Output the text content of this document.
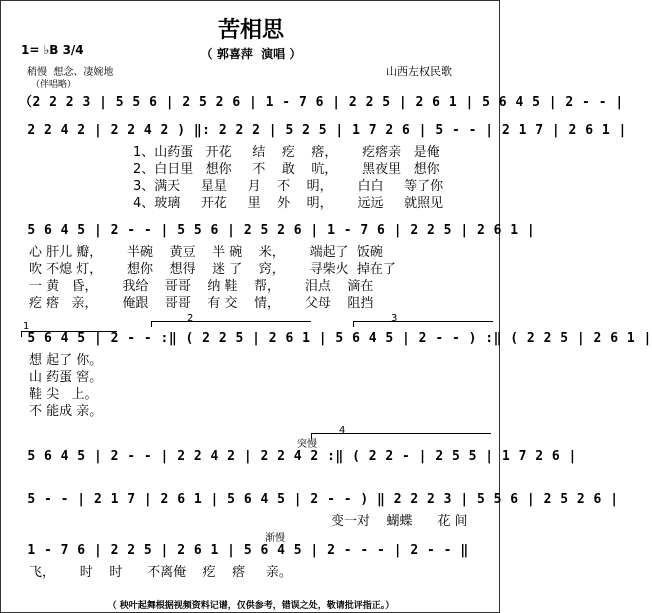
苦相思
（ 郭喜萍  演唱 ）
山西左权民歌
1= ♭B 3/4
稍慢  想念、凄婉地
（伴唱略）
（2 2 2 3 | 5 5 6 | 2 5 2 6 | 1 - 7 6 | 2 2 5 | 2 6 1 | 5 6 4 5 | 2 - - |
2 2 4 2 | 2 2 4 2 ) ‖: 2 2 2 | 5 2 5 | 1 7 2 6 | 5 - - | 2 1 7 | 2 6 1 |
5 6 4 5 | 2 - - | 5 5 6 | 2 5 2 6 | 1 - 7 6 | 2 2 5 | 2 6 1 |
5 6 4 5 | 2 - - :‖ ( 2 2 5 | 2 6 1 | 5 6 4 5 | 2 - - ) :‖ ( 2 2 5 | 2 6 1 |
5 6 4 5 | 2 - - | 2 2 4 2 | 2 2 4 2 :‖ ( 2 2 - | 2 5 5 | 1 7 2 6 |
5 - - | 2 1 7 | 2 6 1 | 5 6 4 5 | 2 - - ) ‖ 2 2 2 3 | 5 5 6 | 2 5 2 6 |
1 - 7 6 | 2 2 5 | 2 6 1 | 5 6 4 5 | 2 - - - | 2 - - ‖
1、山药蛋   开花     结    疙    瘩，      疙瘩亲   是俺
2、白日里   想你     不    敢    吭，      黑夜里   想你
3、满天     星星     月    不    明，      白白     等了你
4、玻璃     开花     里    外    明，      远远     就照见
心 肝儿 瓣，      半碗    黄豆    半 碗    米，      端起了  饭碗
吹 不熄 灯，      想你    想得    迷 了    窍，      寻柴火  掉在了
一 黄   昏，      我给    哥哥    纳 鞋    帮，      泪点    滴在
疙 瘩   亲，      俺跟    哥哥    有 交    情，      父母    阻挡
想 起了 你。
山 药蛋 窖。
鞋 尖   上。
不 能成 亲。
变一对    蝴蝶      花 间
飞，      时    时      不离俺    疙    瘩     亲。
2	3
4
突慢
1
渐慢
（ 秧叶起舞根据视频资料记谱，仅供参考，错误之处，敬请批评指正。）
